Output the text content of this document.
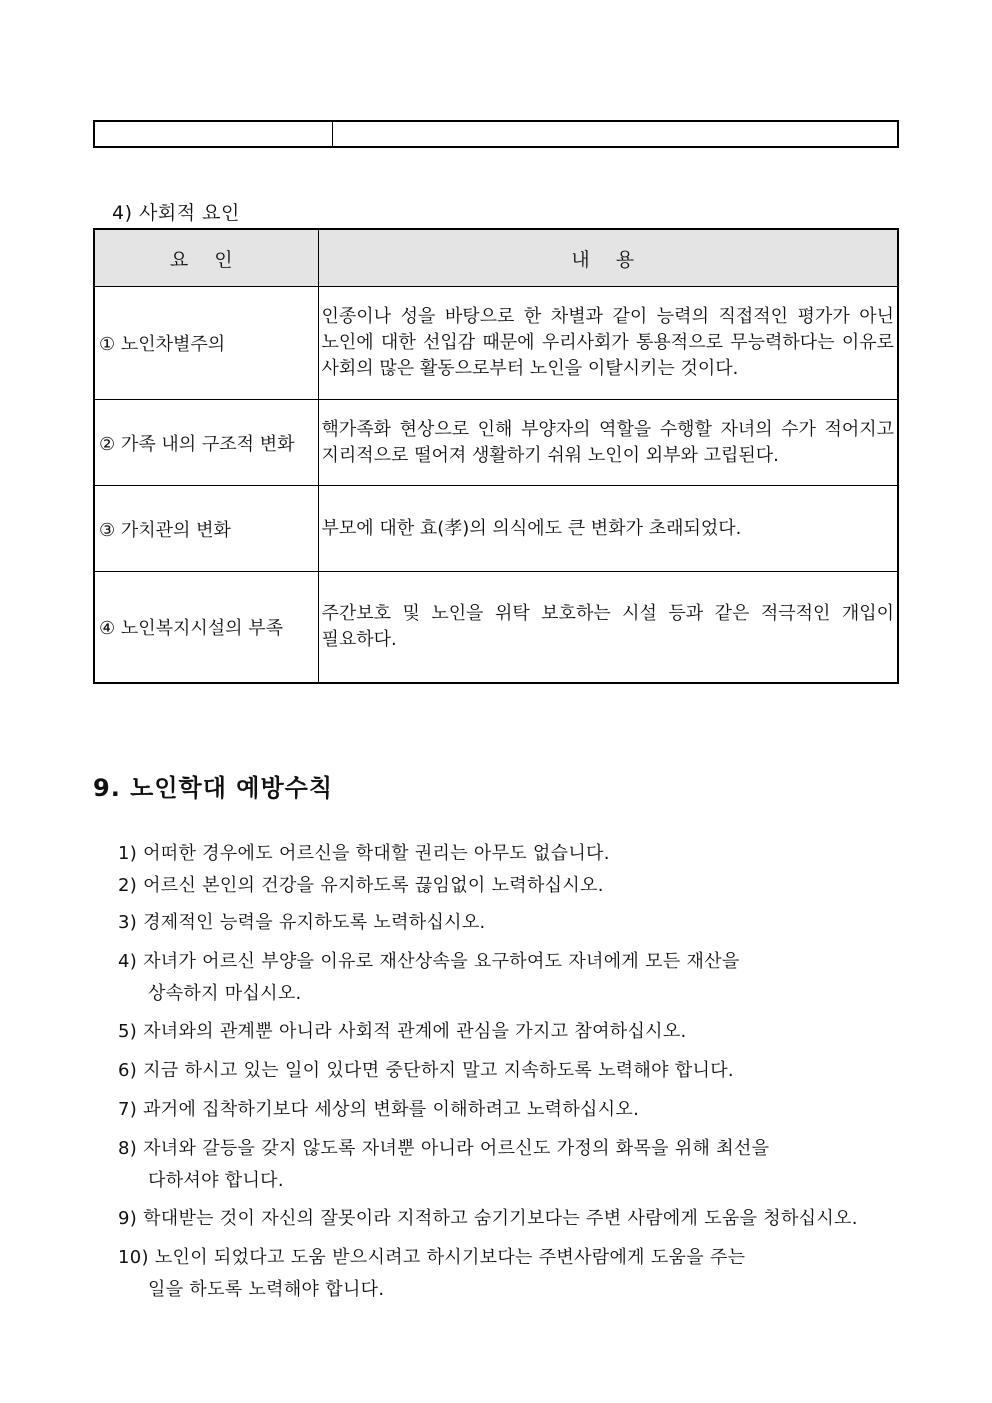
4) 사회적 요인
요 인	내 용
① 노인차별주의	인종이나 성을 바탕으로 한 차별과 같이 능력의 직접적인 평가가 아닌 노인에 대한 선입감 때문에 우리사회가 통용적으로 무능력하다는 이유로 사회의 많은 활동으로부터 노인을 이탈시키는 것이다.
② 가족 내의 구조적 변화	핵가족화 현상으로 인해 부양자의 역할을 수행할 자녀의 수가 적어지고 지리적으로 떨어져 생활하기 쉬워 노인이 외부와 고립된다.
③ 가치관의 변화	부모에 대한 효(孝)의 의식에도 큰 변화가 초래되었다.
④ 노인복지시설의 부족	주간보호 및 노인을 위탁 보호하는 시설 등과 같은 적극적인 개입이 필요하다.
9. 노인학대 예방수칙
1) 어떠한 경우에도 어르신을 학대할 권리는 아무도 없습니다.
2) 어르신 본인의 건강을 유지하도록 끊임없이 노력하십시오.
3) 경제적인 능력을 유지하도록 노력하십시오.
4) 자녀가 어르신 부양을 이유로 재산상속을 요구하여도 자녀에게 모든 재산을
상속하지 마십시오.
5) 자녀와의 관계뿐 아니라 사회적 관계에 관심을 가지고 참여하십시오.
6) 지금 하시고 있는 일이 있다면 중단하지 말고 지속하도록 노력해야 합니다.
7) 과거에 집착하기보다 세상의 변화를 이해하려고 노력하십시오.
8) 자녀와 갈등을 갖지 않도록 자녀뿐 아니라 어르신도 가정의 화목을 위해 최선을
다하셔야 합니다.
9) 학대받는 것이 자신의 잘못이라 지적하고 숨기기보다는 주변 사람에게 도움을 청하십시오.
10) 노인이 되었다고 도움 받으시려고 하시기보다는 주변사람에게 도움을 주는
일을 하도록 노력해야 합니다.
